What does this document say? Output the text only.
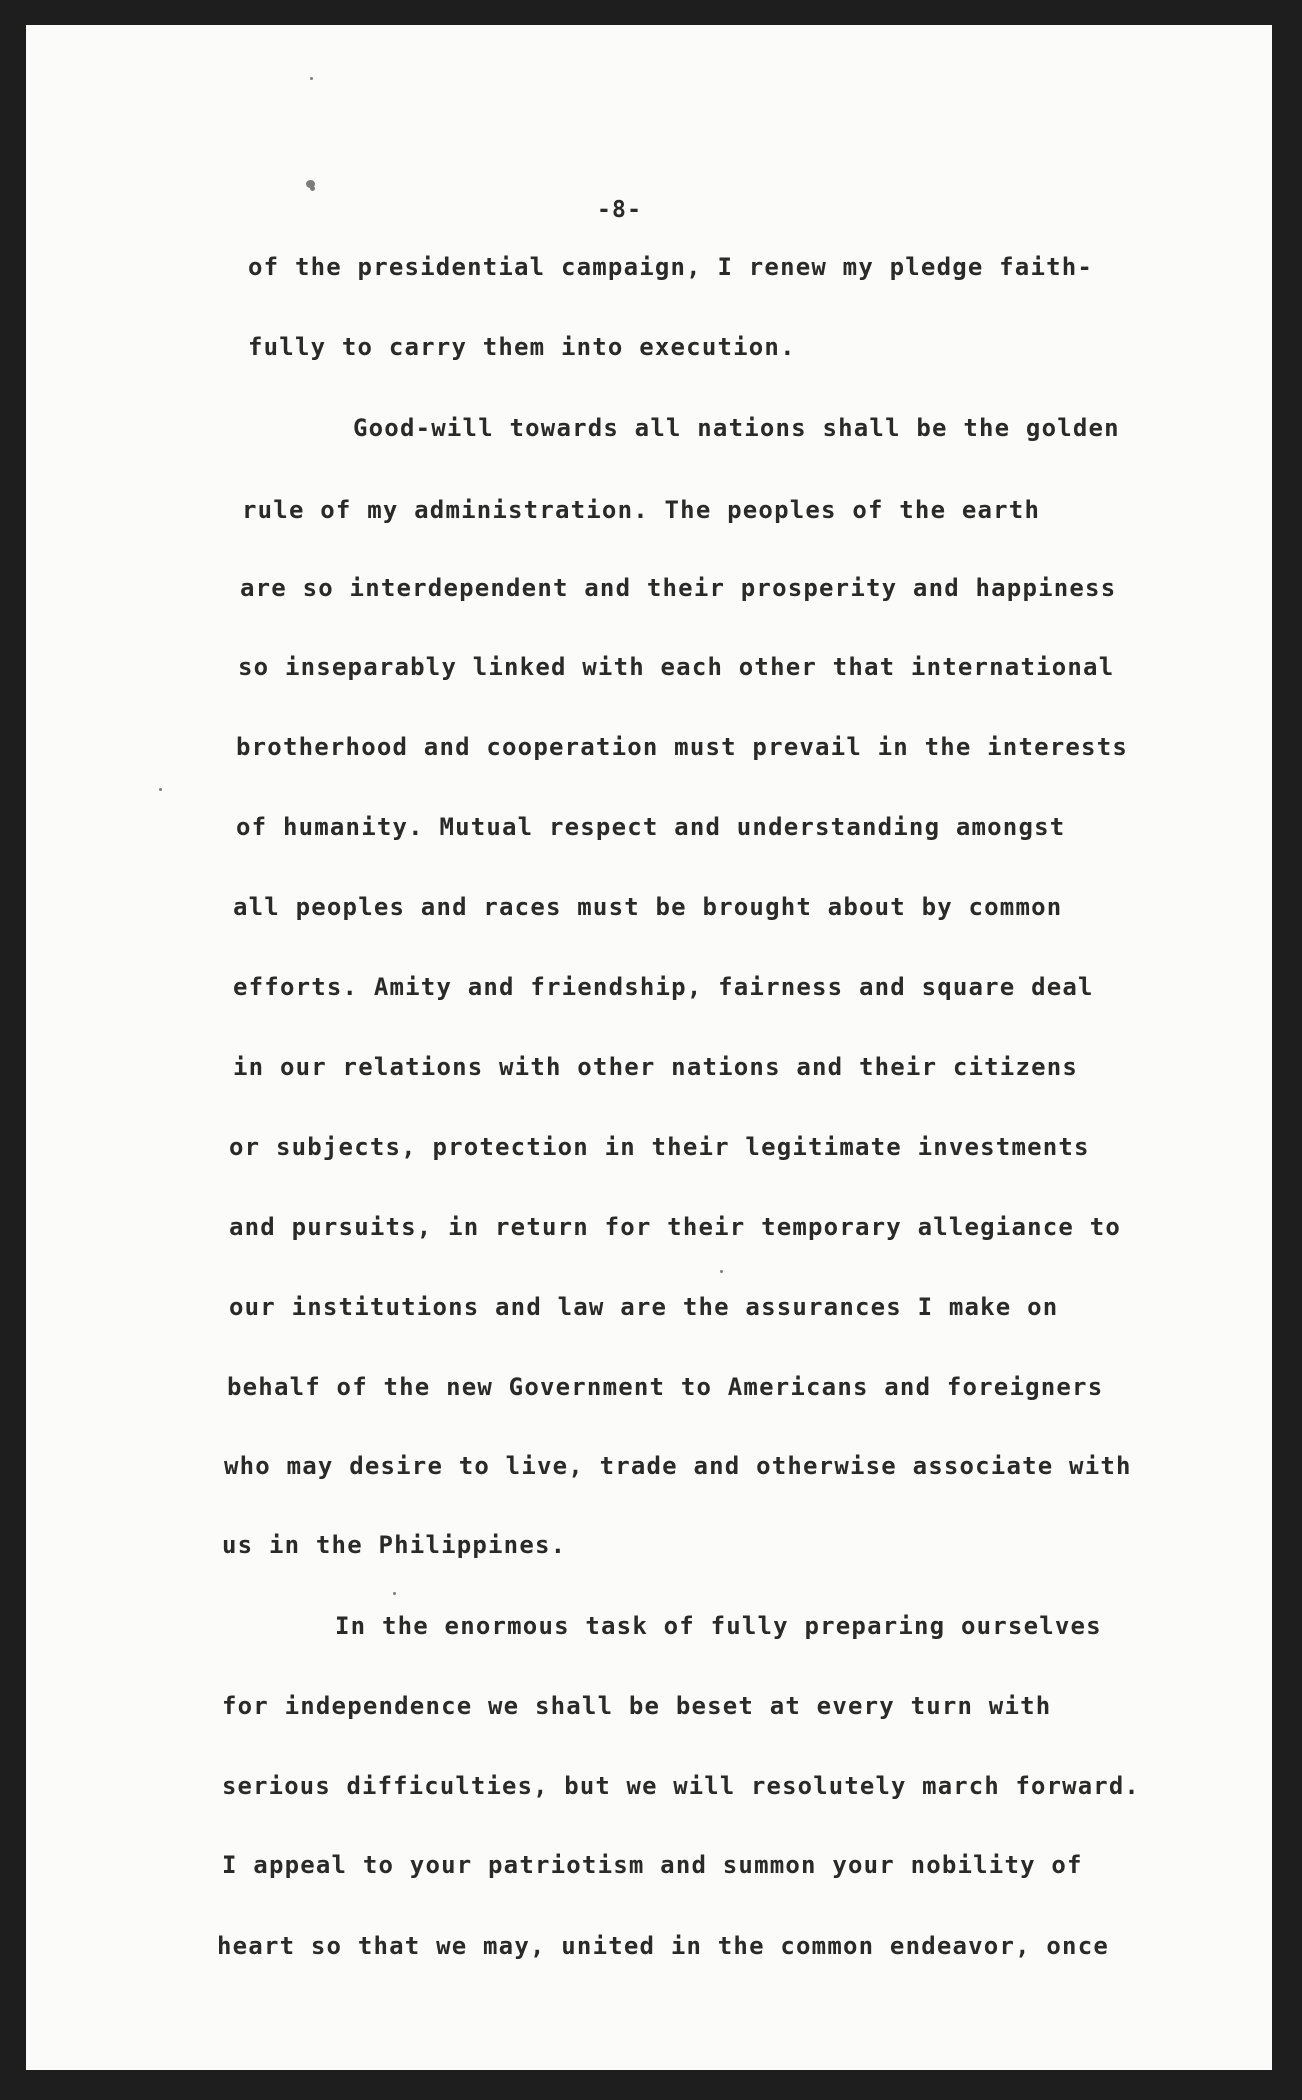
-8-
of the presidential campaign, I renew my pledge faith-
fully to carry them into execution.
Good-will towards all nations shall be the golden
rule of my administration. The peoples of the earth
are so interdependent and their prosperity and happiness
so inseparably linked with each other that international
brotherhood and cooperation must prevail in the interests
of humanity. Mutual respect and understanding amongst
all peoples and races must be brought about by common
efforts. Amity and friendship, fairness and square deal
in our relations with other nations and their citizens
or subjects, protection in their legitimate investments
and pursuits, in return for their temporary allegiance to
our institutions and law are the assurances I make on
behalf of the new Government to Americans and foreigners
who may desire to live, trade and otherwise associate with
us in the Philippines.
In the enormous task of fully preparing ourselves
for independence we shall be beset at every turn with
serious difficulties, but we will resolutely march forward.
I appeal to your patriotism and summon your nobility of
heart so that we may, united in the common endeavor, once
